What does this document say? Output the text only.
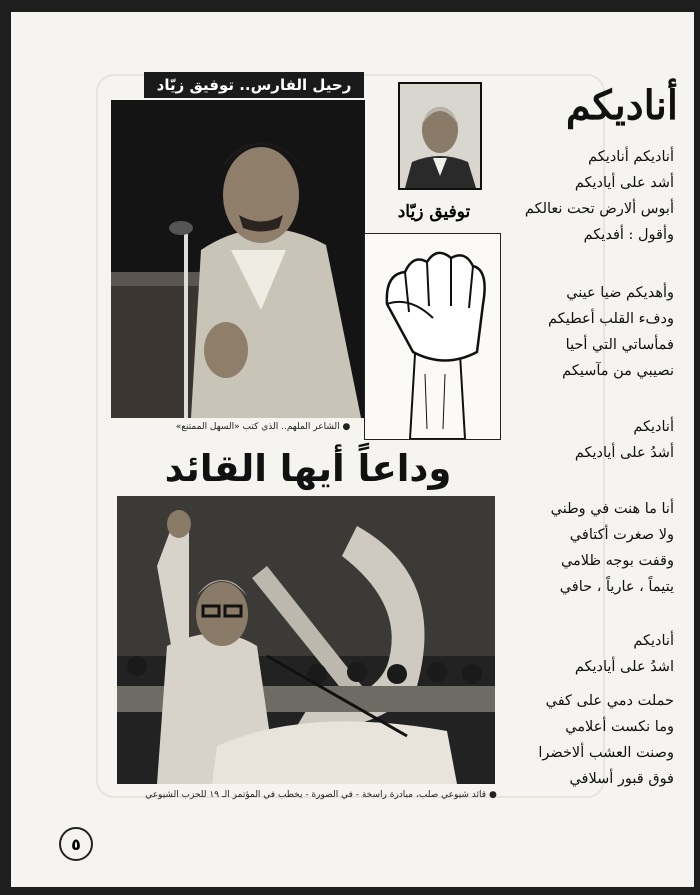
رحيل الفارس.. توفيق زيّاد
● الشاعر الملهم.. الذي كتب «السهل الممتنع»
توفيق زيّاد
وداعاً أيها القائد
● قائد شيوعي صلب، مبادرة راسخة - في الصورة - يخطب في المؤتمر الـ ١٩ للحزب الشيوعي
أناديكم
أناديكم أناديكم
أشد على أياديكم
أبوس ألارض تحت نعالكم
وأقول : أفديكم
وأهديكم ضيا عيني
ودفء القلب أعطيكم
فمأساتي التي أحيا
نصيبي من مآسيكم
أناديكم
أشدُ على أياديكم
أنا ما هنت في وطني
ولا صغرت أكتافي
وقفت بوجه ظلامي
يتيماً ، عارياً ، حافي
أناديكم
اشدُ على أياديكم
حملت دمي على كفي
وما نكست أعلامي
وصنت العشب ألاخضرا
فوق قبور أسلافي
٥
